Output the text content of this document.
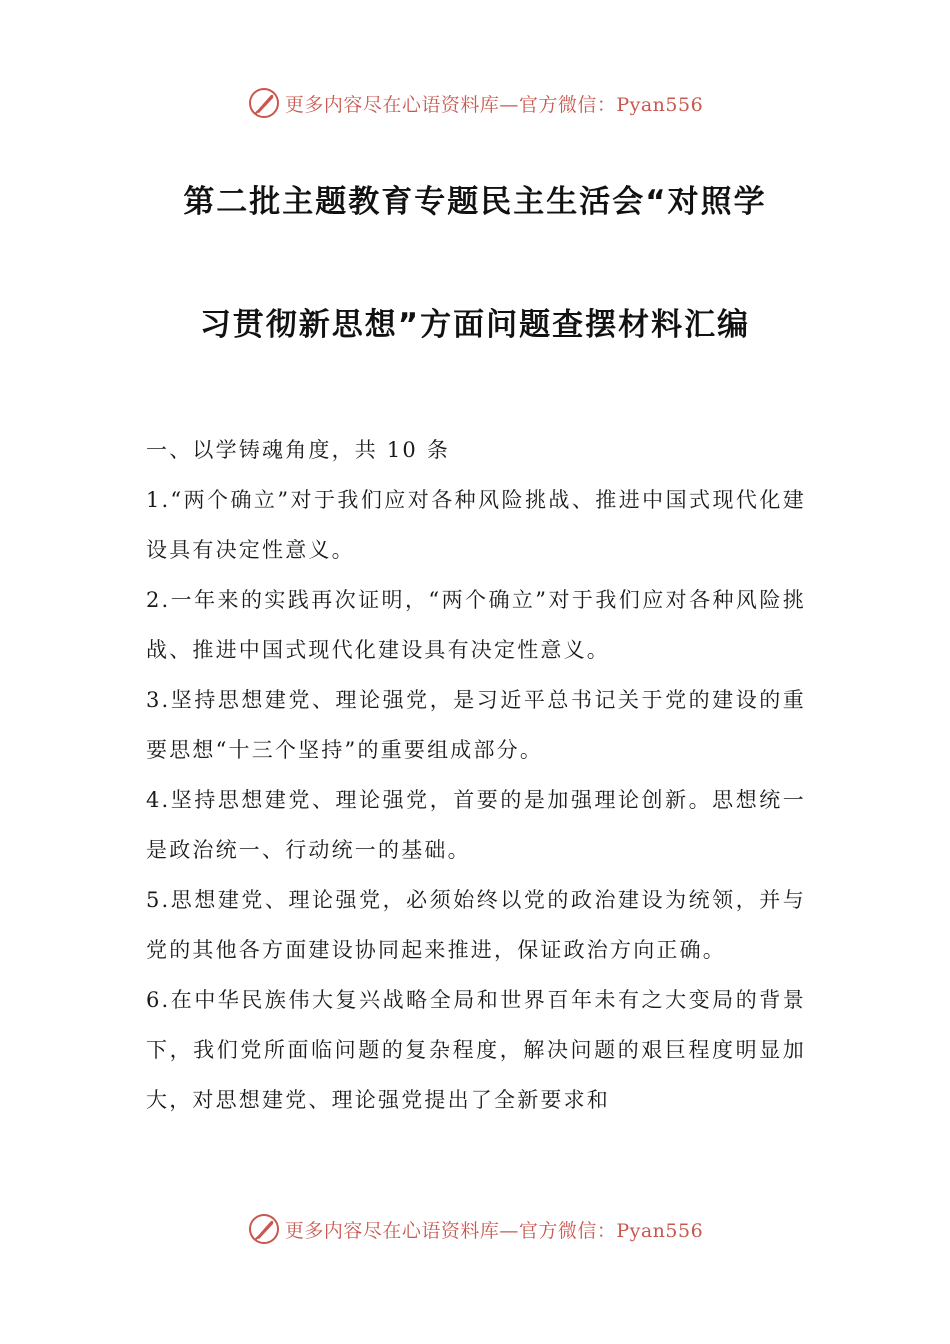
更多内容尽在心语资料库—官方微信：Pyan556
第二批主题教育专题民主生活会“对照学
习贯彻新思想”方面问题查摆材料汇编

一、以学铸魂角度，共 10 条

1.“两个确立”对于我们应对各种风险挑战、推进中国式现代化建设具有决定性意义。

2.一年来的实践再次证明，“两个确立”对于我们应对各种风险挑战、推进中国式现代化建设具有决定性意义。

3.坚持思想建党、理论强党，是习近平总书记关于党的建设的重要思想“十三个坚持”的重要组成部分。

4.坚持思想建党、理论强党，首要的是加强理论创新。思想统一是政治统一、行动统一的基础。

5.思想建党、理论强党，必须始终以党的政治建设为统领，并与党的其他各方面建设协同起来推进，保证政治方向正确。

6.在中华民族伟大复兴战略全局和世界百年未有之大变局的背景下，我们党所面临问题的复杂程度，解决问题的艰巨程度明显加大，对思想建党、理论强党提出了全新要求和

更多内容尽在心语资料库—官方微信：Pyan556
